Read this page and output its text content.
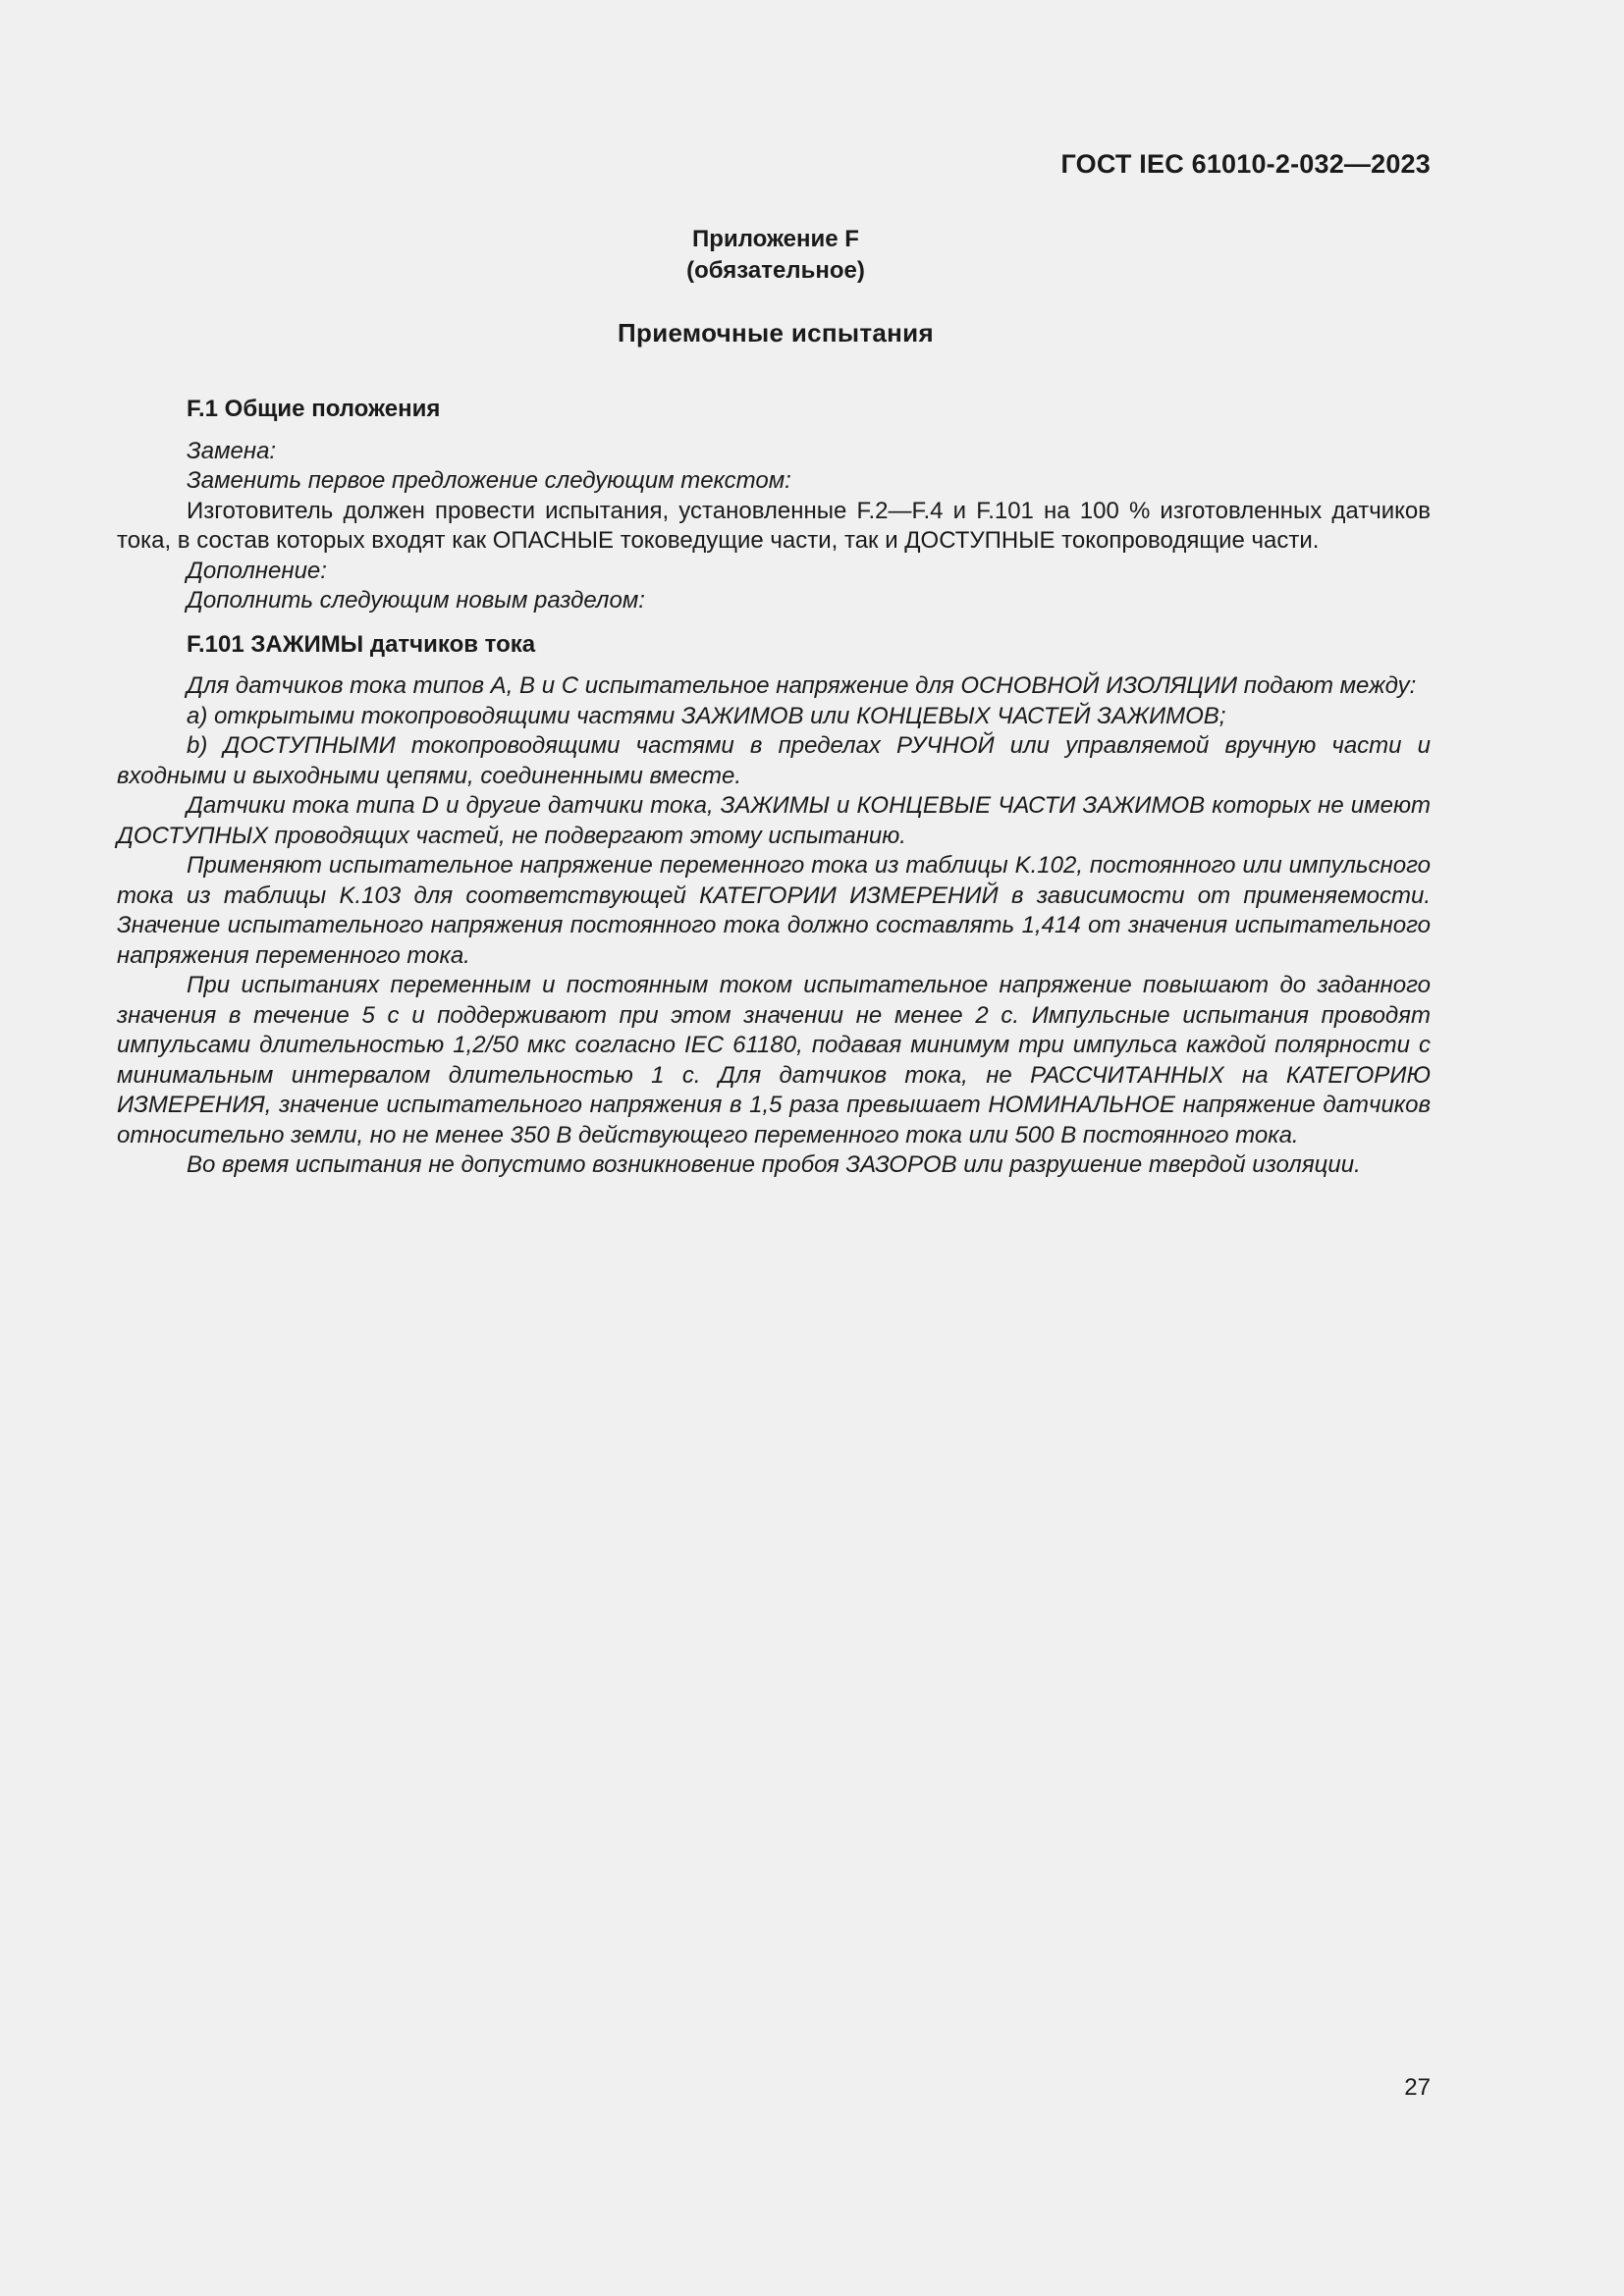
ГОСТ IEC 61010-2-032—2023
Приложение F
(обязательное)
Приемочные испытания
F.1 Общие положения

Замена:

Заменить первое предложение следующим текстом:

Изготовитель должен провести испытания, установленные F.2—F.4 и F.101 на 100 % изготовленных датчиков тока, в состав которых входят как ОПАСНЫЕ токоведущие части, так и ДОСТУПНЫЕ токопроводящие части.

Дополнение:

Дополнить следующим новым разделом:

F.101 ЗАЖИМЫ датчиков тока

Для датчиков тока типов A, B и C испытательное напряжение для ОСНОВНОЙ ИЗОЛЯЦИИ подают между:

a) открытыми токопроводящими частями ЗАЖИМОВ или КОНЦЕВЫХ ЧАСТЕЙ ЗАЖИМОВ;

b) ДОСТУПНЫМИ токопроводящими частями в пределах РУЧНОЙ или управляемой вручную части и входными и выходными цепями, соединенными вместе.

Датчики тока типа D и другие датчики тока, ЗАЖИМЫ и КОНЦЕВЫЕ ЧАСТИ ЗАЖИМОВ которых не имеют ДОСТУПНЫХ проводящих частей, не подвергают этому испытанию.

Применяют испытательное напряжение переменного тока из таблицы K.102, постоянного или импульсного тока из таблицы K.103 для соответствующей КАТЕГОРИИ ИЗМЕРЕНИЙ в зависимости от применяемости. Значение испытательного напряжения постоянного тока должно составлять 1,414 от значения испытательного напряжения переменного тока.

При испытаниях переменным и постоянным током испытательное напряжение повышают до заданного значения в течение 5 с и поддерживают при этом значении не менее 2 с. Импульсные испытания проводят импульсами длительностью 1,2/50 мкс согласно IEC 61180, подавая минимум три импульса каждой полярности с минимальным интервалом длительностью 1 с. Для датчиков тока, не РАССЧИТАННЫХ на КАТЕГОРИЮ ИЗМЕРЕНИЯ, значение испытательного напряжения в 1,5 раза превышает НОМИНАЛЬНОЕ напряжение датчиков относительно земли, но не менее 350 В действующего переменного тока или 500 В постоянного тока.

Во время испытания не допустимо возникновение пробоя ЗАЗОРОВ или разрушение твердой изоляции.

27
